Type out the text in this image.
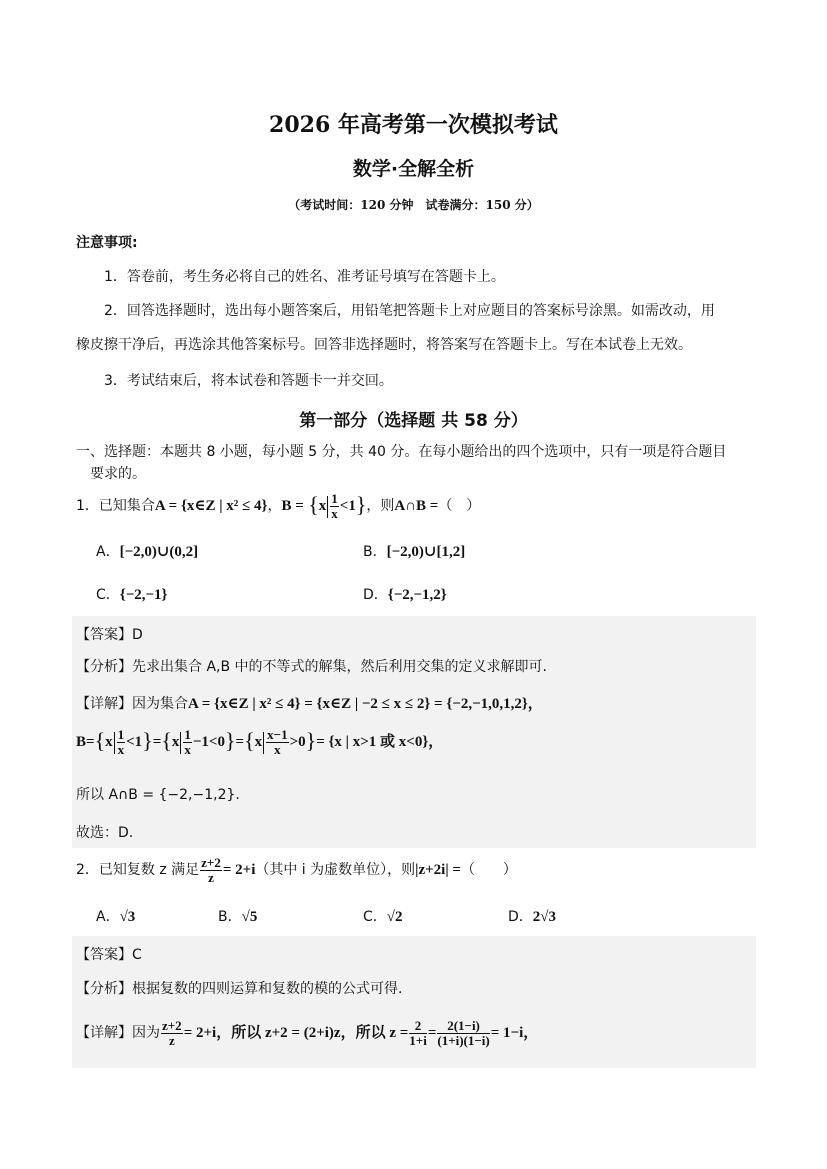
2026 年高考第一次模拟考试
数学·全解全析
（考试时间：120 分钟　试卷满分：150 分）
注意事项:
1．答卷前，考生务必将自己的姓名、准考证号填写在答题卡上。
2．回答选择题时，选出每小题答案后，用铅笔把答题卡上对应题目的答案标号涂黑。如需改动，用
橡皮擦干净后，再选涂其他答案标号。回答非选择题时，将答案写在答题卡上。写在本试卷上无效。
3．考试结束后，将本试卷和答题卡一并交回。
第一部分（选择题 共 58 分）
一、选择题：本题共 8 小题，每小题 5 分，共 40 分。在每小题给出的四个选项中，只有一项是符合题目
要求的。
1．已知集合A = {x∈Z | x² ≤ 4}，$B = \{x \frac{1}{x} <1\}$，则A∩B =（　）
A．[−2,0)∪(0,2]	B．[−2,0)∪[1,2]
C．{−2,−1}	D．{−2,−1,2}
【答案】D
【分析】先求出集合 A,B 中的不等式的解集，然后利用交集的定义求解即可.
【详解】因为集合A = {x∈Z | x² ≤ 4} = {x∈Z | −2 ≤ x ≤ 2} = {−2,−1,0,1,2}，
$B=\{x \frac{1}{x} <1\}=\{x \frac{1}{x} -1<0\}=\{x \frac{x-1}{x} >0\}= \{x$ | x>1 或 x<0}，
所以 A∩B = {−2,−1,2}.
故选：D.
2．已知复数 z 满足 $\frac{z+2}{z} = 2+i$（其中 i 为虚数单位），则|z+2i| =（　　）
A．√3	B．√5	C．√2	D．2√3
【答案】C
【分析】根据复数的四则运算和复数的模的公式可得.
【详解】因为 $\frac{z+2}{z} = 2+i$，所以 z+2 = (2+i)z，所以 $z = \frac{2}{1+i} = \frac{2(1-i)}{(1+i)(1-i)} = 1-i$，
